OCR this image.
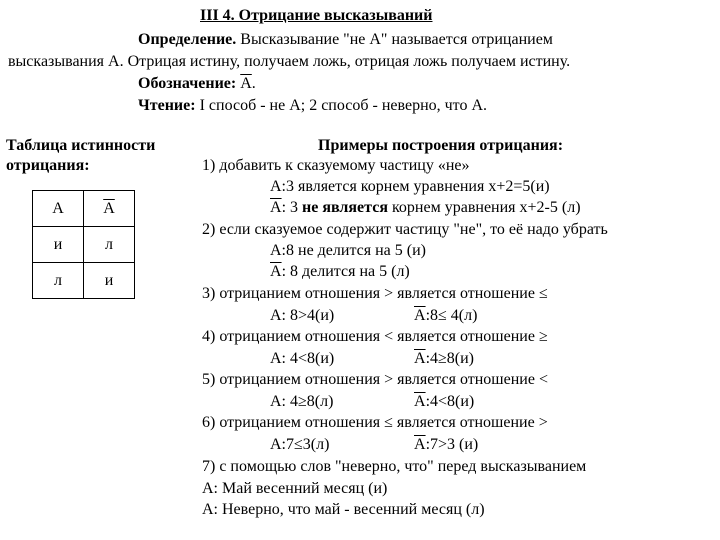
III 4. Отрицание высказываний
Определение. Высказывание "не А" называется отрицанием
высказывания А. Отрицая истину, получаем ложь, отрицая ложь получаем истину.
Обозначение: А.
Чтение: I способ - не А; 2 способ - неверно, что А.
Таблица истинности
отрицания:
А	А
и	л
л	и
Примеры построения отрицания:
1) добавить к сказуемому частицу «не»
А:3 является корнем уравнения х+2=5(и)
А: 3 не является корнем уравнения х+2-5 (л)
2) если сказуемое содержит частицу "не", то её надо убрать
А:8 не делится на 5 (и)
А: 8 делится на 5 (л)
3) отрицанием отношения > является отношение ≤
А: 8>4(и)	А:8≤ 4(л)
4) отрицанием отношения < является отношение ≥
А: 4<8(и)	А:4≥8(и)
5) отрицанием отношения > является отношение <
А: 4≥8(л)	А:4<8(и)
6) отрицанием отношения ≤ является отношение >
А:7≤3(л)	А:7>3 (и)
7) с помощью слов "неверно, что" перед высказыванием
А: Май весенний месяц (и)
А: Неверно, что май - весенний месяц (л)
